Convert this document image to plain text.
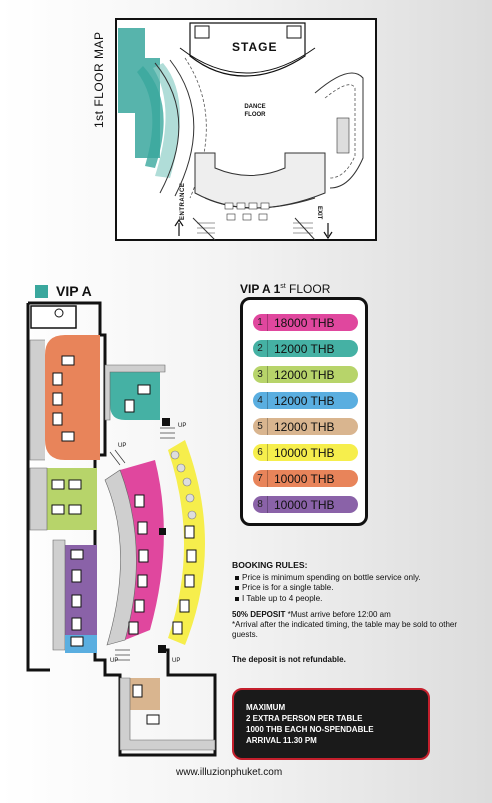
1st FLOOR MAP	STAGE
DANCE FLOOR
ENTRANCE	EXIT
VIP A
UP
UP
UP	UP
VIP A 1st FLOOR
1 18000 THB
2 12000 THB
3 12000 THB
4 12000 THB
5 12000 THB
6 10000 THB
7 10000 THB
8 10000 THB
BOOKING RULES:
Price is minimum spending on bottle service only.
Price is for a single table.
I Table up to 4 people.
50% DEPOSIT *Must arrive before 12:00 am
*Arrival after the indicated timing, the table may be sold to other guests.
The deposit is not refundable.
MAXIMUM
2 EXTRA PERSON PER TABLE
1000 THB EACH NO-SPENDABLE
ARRIVAL 11.30 PM
www.illuzionphuket.com
